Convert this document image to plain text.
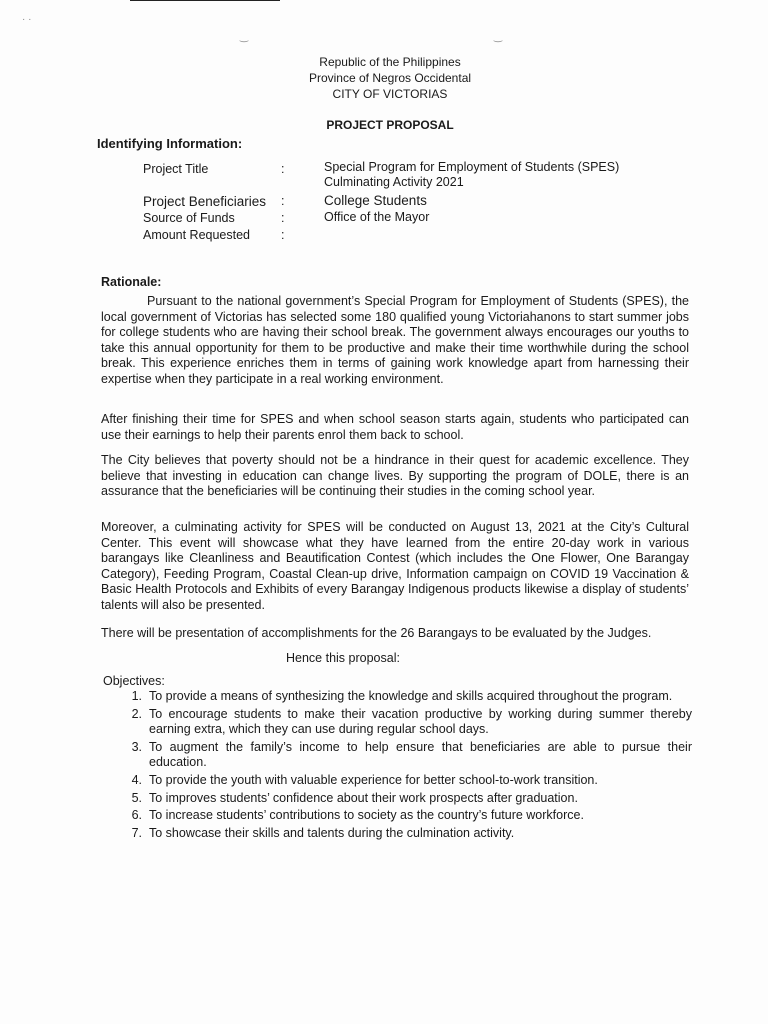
· ·
‿	‿
Republic of the Philippines
Province of Negros Occidental
CITY OF VICTORIAS
PROJECT PROPOSAL
Identifying Information:
Project Title	:	Special Program for Employment of Students (SPES)
Culminating Activity 2021
Project Beneficiaries :	College Students
Source of Funds	:	Office of the Mayor
Amount Requested :
Rationale:
Pursuant to the national government’s Special Program for Employment of Students (SPES), the local government of Victorias has selected some 180 qualified young Victoriahanons to start summer jobs for college students who are having their school break. The government always encourages our youths to take this annual opportunity for them to be productive and make their time worthwhile during the school break. This experience enriches them in terms of gaining work knowledge apart from harnessing their expertise when they participate in a real working environment.
After finishing their time for SPES and when school season starts again, students who participated can use their earnings to help their parents enrol them back to school.
The City believes that poverty should not be a hindrance in their quest for academic excellence. They believe that investing in education can change lives. By supporting the program of DOLE, there is an assurance that the beneficiaries will be continuing their studies in the coming school year.
Moreover, a culminating activity for SPES will be conducted on August 13, 2021 at the City’s Cultural Center. This event will showcase what they have learned from the entire 20-day work in various barangays like Cleanliness and Beautification Contest (which includes the One Flower, One Barangay Category), Feeding Program, Coastal Clean-up drive, Information campaign on COVID 19 Vaccination & Basic Health Protocols and Exhibits of every Barangay Indigenous products likewise a display of students’ talents will also be presented.
There will be presentation of accomplishments for the 26 Barangays to be evaluated by the Judges.
Hence this proposal:
Objectives:
1. To provide a means of synthesizing the knowledge and skills acquired throughout the program.
2. To encourage students to make their vacation productive by working during summer thereby earning extra, which they can use during regular school days.
3. To augment the family’s income to help ensure that beneficiaries are able to pursue their education.
4. To provide the youth with valuable experience for better school-to-work transition.
5. To improves students’ confidence about their work prospects after graduation.
6. To increase students’ contributions to society as the country’s future workforce.
7. To showcase their skills and talents during the culmination activity.
